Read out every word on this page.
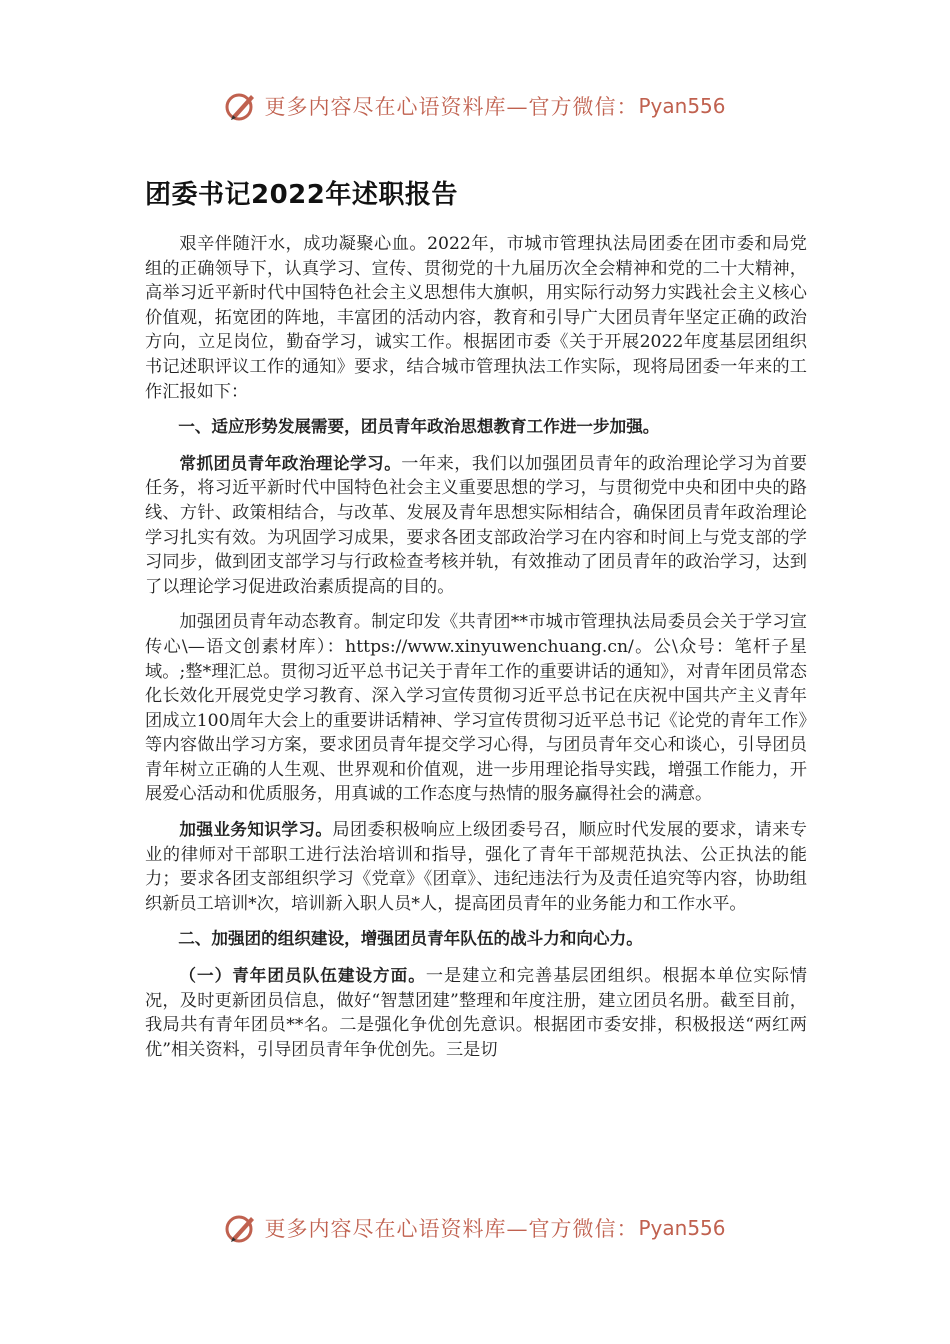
更多内容尽在心语资料库—官方微信： Pyan556
团委书记2022年述职报告

艰辛伴随汗水，成功凝聚心血。2022年，市城市管理执法局团委在团市委和局党组的正确领导下，认真学习、宣传、贯彻党的十九届历次全会精神和党的二十大精神，高举习近平新时代中国特色社会主义思想伟大旗帜，用实际行动努力实践社会主义核心价值观，拓宽团的阵地，丰富团的活动内容，教育和引导广大团员青年坚定正确的政治方向，立足岗位，勤奋学习，诚实工作。根据团市委《关于开展2022年度基层团组织书记述职评议工作的通知》要求，结合城市管理执法工作实际，现将局团委一年来的工作汇报如下：

一、适应形势发展需要，团员青年政治思想教育工作进一步加强。

常抓团员青年政治理论学习。一年来，我们以加强团员青年的政治理论学习为首要任务，将习近平新时代中国特色社会主义重要思想的学习，与贯彻党中央和团中央的路线、方针、政策相结合，与改革、发展及青年思想实际相结合，确保团员青年政治理论学习扎实有效。为巩固学习成果，要求各团支部政治学习在内容和时间上与党支部的学习同步，做到团支部学习与行政检查考核并轨，有效推动了团员青年的政治学习，达到了以理论学习促进政治素质提高的目的。

加强团员青年动态教育。制定印发《共青团**市城市管理执法局委员会关于学习宣传心\—语文创素材库）：https://www.xinyuwenchuang.cn/。公\众号：笔杆子星域。;整*理汇总。贯彻习近平总书记关于青年工作的重要讲话的通知》，对青年团员常态化长效化开展党史学习教育、深入学习宣传贯彻习近平总书记在庆祝中国共产主义青年团成立100周年大会上的重要讲话精神、学习宣传贯彻习近平总书记《论党的青年工作》等内容做出学习方案，要求团员青年提交学习心得，与团员青年交心和谈心，引导团员青年树立正确的人生观、世界观和价值观，进一步用理论指导实践，增强工作能力，开展爱心活动和优质服务，用真诚的工作态度与热情的服务赢得社会的满意。

加强业务知识学习。局团委积极响应上级团委号召，顺应时代发展的要求，请来专业的律师对干部职工进行法治培训和指导，强化了青年干部规范执法、公正执法的能力；要求各团支部组织学习《党章》《团章》、违纪违法行为及责任追究等内容，协助组织新员工培训*次，培训新入职人员*人，提高团员青年的业务能力和工作水平。

二、加强团的组织建设，增强团员青年队伍的战斗力和向心力。

（一）青年团员队伍建设方面。一是建立和完善基层团组织。根据本单位实际情况，及时更新团员信息，做好“智慧团建”整理和年度注册，建立团员名册。截至目前，我局共有青年团员**名。二是强化争优创先意识。根据团市委安排，积极报送“两红两优”相关资料，引导团员青年争优创先。三是切

更多内容尽在心语资料库—官方微信： Pyan556
